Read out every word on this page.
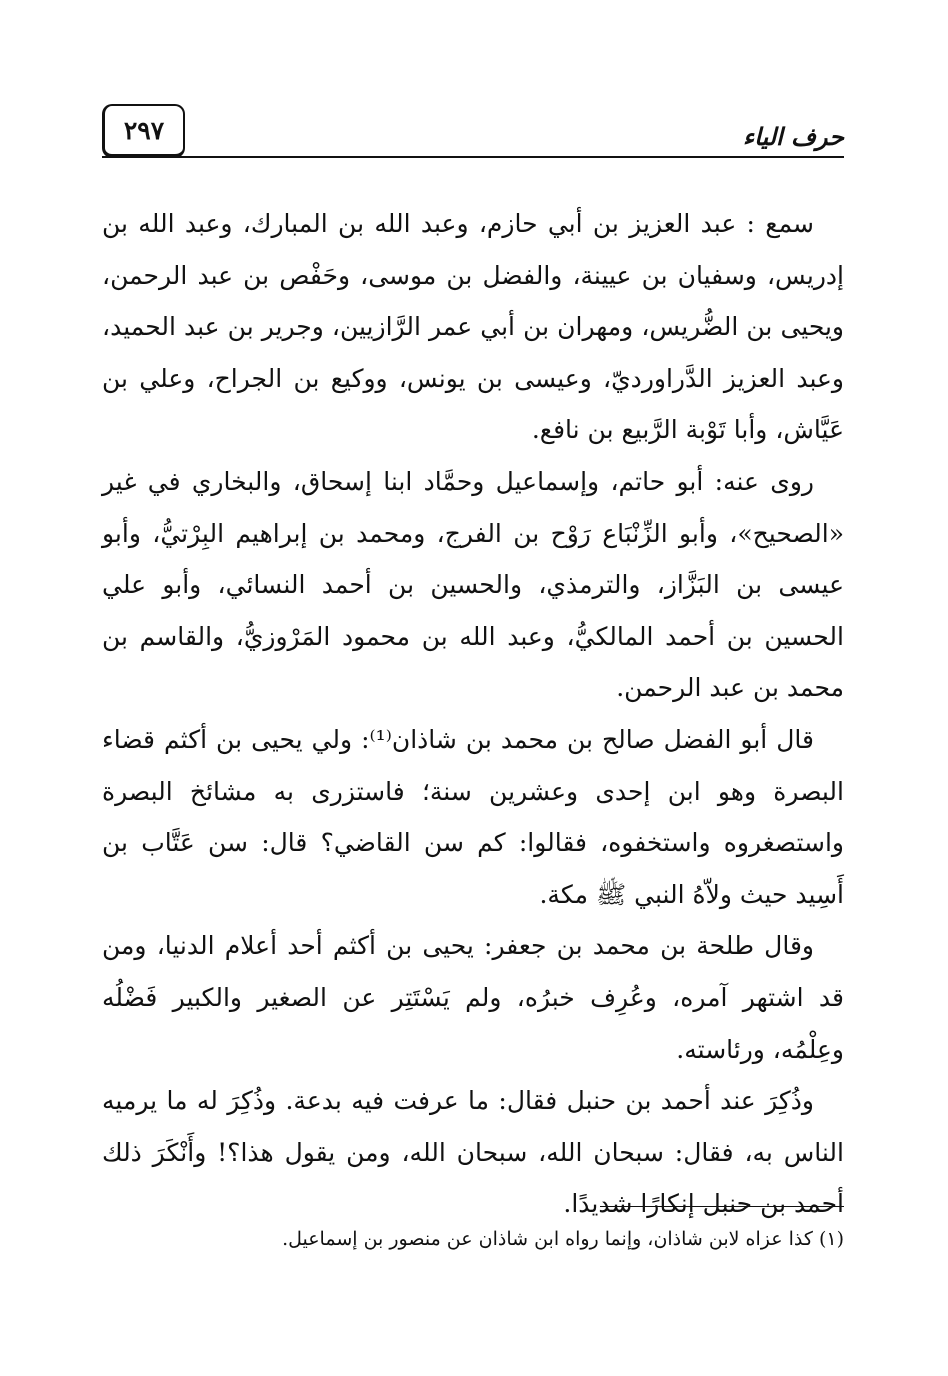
٢٩٧	حرف الياء

سمع : عبد العزيز بن أبي حازم، وعبد الله بن المبارك، وعبد الله بن إدريس، وسفيان بن عيينة، والفضل بن موسى، وحَفْص بن عبد الرحمن، ويحيى بن الضُّريس، ومهران بن أبي عمر الرَّازيين، وجرير بن عبد الحميد، وعبد العزيز الدَّراورديّ، وعيسى بن يونس، ووكيع بن الجراح، وعلي بن عَيَّاش، وأبا تَوْبة الرَّبيع بن نافع.

روى عنه: أبو حاتم، وإسماعيل وحمَّاد ابنا إسحاق، والبخاري في غير «الصحيح»، وأبو الزِّنْبَاع رَوْح بن الفرج، ومحمد بن إبراهيم البِرْتيُّ، وأبو عيسى بن البَزَّاز، والترمذي، والحسين بن أحمد النسائي، وأبو علي الحسين بن أحمد المالكيُّ، وعبد الله بن محمود المَرْوزيُّ، والقاسم بن محمد بن عبد الرحمن.

قال أبو الفضل صالح بن محمد بن شاذان⁽¹⁾: ولي يحيى بن أكثم قضاء البصرة وهو ابن إحدى وعشرين سنة؛ فاستزرى به مشائخ البصرة واستصغروه واستخفوه، فقالوا: كم سن القاضي؟ قال: سن عَتَّاب بن أَسِيد حيث ولاّهُ النبي ﷺ مكة.

وقال طلحة بن محمد بن جعفر: يحيى بن أكثم أحد أعلام الدنيا، ومن قد اشتهر آمره، وعُرِف خبرُه، ولم يَسْتَتِر عن الصغير والكبير فَضْلُه وعِلْمُه، ورئاسته.

وذُكِرَ عند أحمد بن حنبل فقال: ما عرفت فيه بدعة. وذُكِرَ له ما يرميه الناس به، فقال: سبحان الله، سبحان الله، ومن يقول هذا؟! وأَنْكَرَ ذلك أحمد بن حنبل إنكارًا شديدًا.

(١) كذا عزاه لابن شاذان، وإنما رواه ابن شاذان عن منصور بن إسماعيل.
